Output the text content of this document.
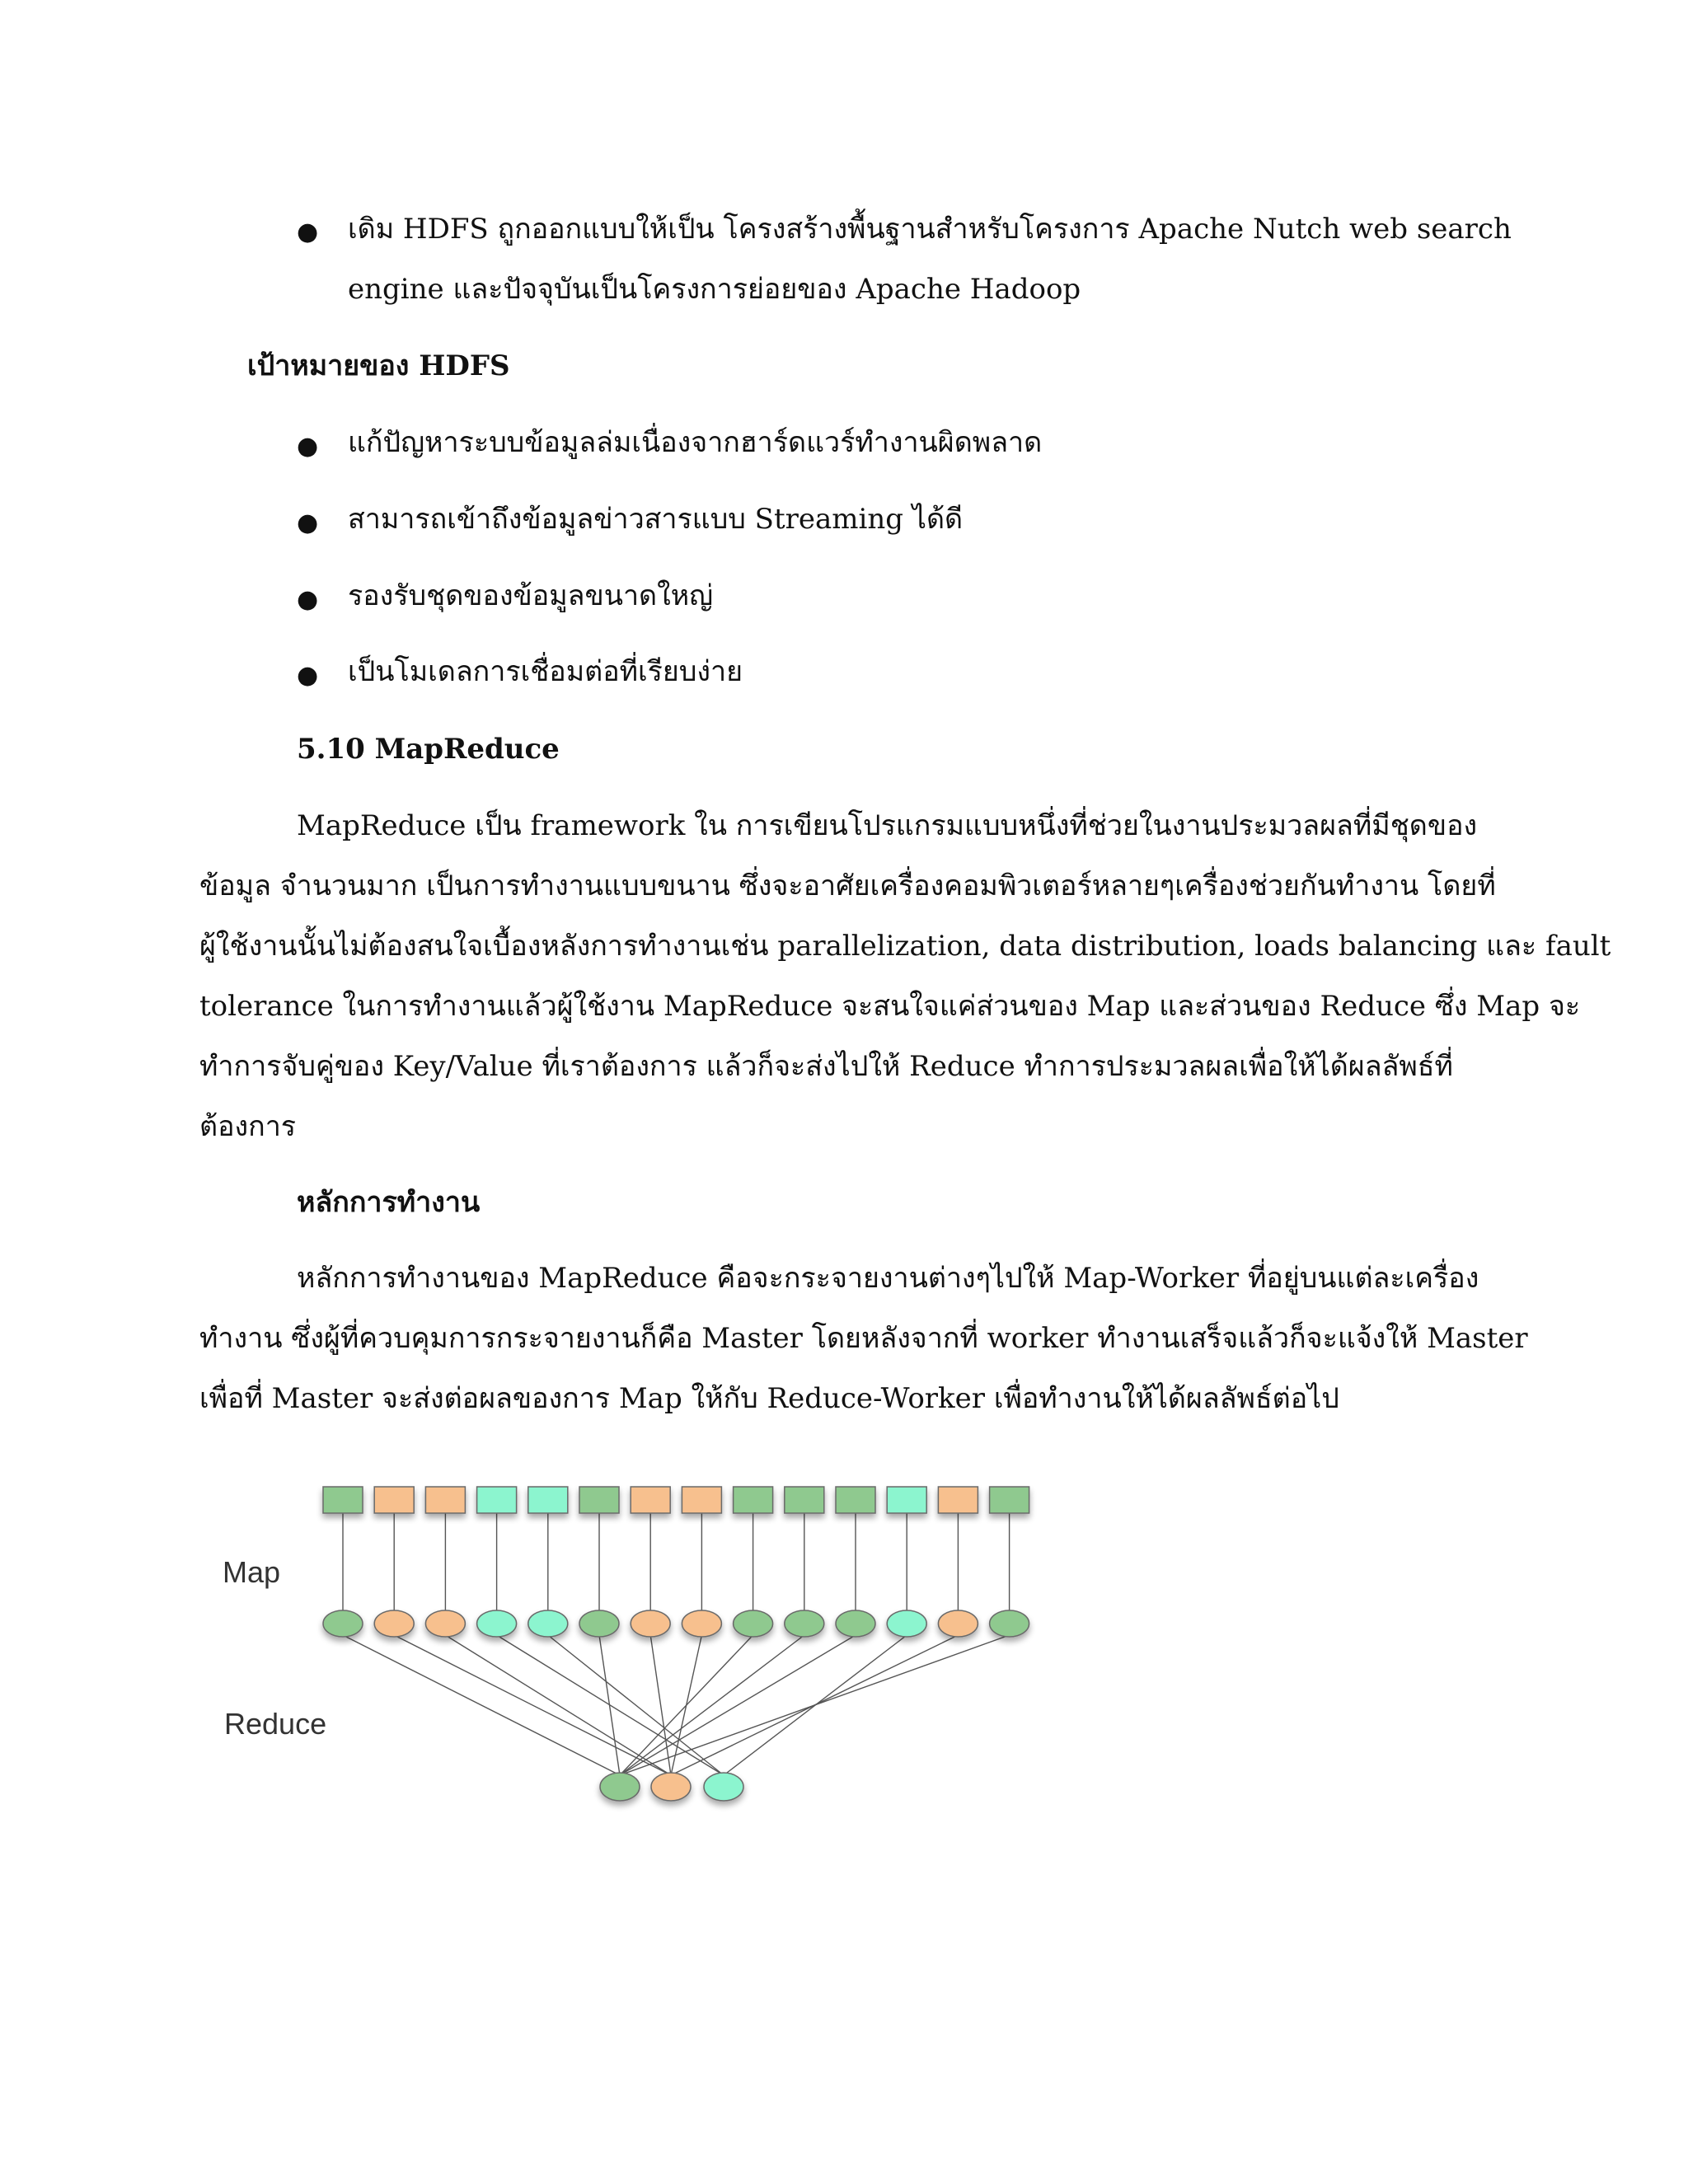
● เดิม HDFS ถูกออกแบบให้เป็น โครงสร้างพื้นฐานสำหรับโครงการ Apache Nutch web search
engine และปัจจุบันเป็นโครงการย่อยของ Apache Hadoop
เป้าหมายของ HDFS
● แก้ปัญหาระบบข้อมูลล่มเนื่องจากฮาร์ดแวร์ทำงานผิดพลาด
● สามารถเข้าถึงข้อมูลข่าวสารแบบ Streaming ได้ดี
● รองรับชุดของข้อมูลขนาดใหญ่
● เป็นโมเดลการเชื่อมต่อที่เรียบง่าย
5.10 MapReduce
MapReduce เป็น framework ใน การเขียนโปรแกรมแบบหนึ่งที่ช่วยในงานประมวลผลที่มีชุดของ
ข้อมูล จำนวนมาก เป็นการทำงานแบบขนาน ซึ่งจะอาศัยเครื่องคอมพิวเตอร์หลายๆเครื่องช่วยกันทำงาน โดยที่
ผู้ใช้งานนั้นไม่ต้องสนใจเบื้องหลังการทำงานเช่น parallelization, data distribution, loads balancing และ fault
tolerance ในการทำงานแล้วผู้ใช้งาน MapReduce จะสนใจแค่ส่วนของ Map และส่วนของ Reduce ซึ่ง Map จะ
ทำการจับคู่ของ Key/Value ที่เราต้องการ แล้วก็จะส่งไปให้ Reduce ทำการประมวลผลเพื่อให้ได้ผลลัพธ์ที่
ต้องการ
หลักการทำงาน
หลักการทำงานของ MapReduce คือจะกระจายงานต่างๆไปให้ Map-Worker ที่อยู่บนแต่ละเครื่อง
ทำงาน ซึ่งผู้ที่ควบคุมการกระจายงานก็คือ Master โดยหลังจากที่ worker ทำงานเสร็จแล้วก็จะแจ้งให้ Master
เพื่อที่ Master จะส่งต่อผลของการ Map ให้กับ Reduce-Worker เพื่อทำงานให้ได้ผลลัพธ์ต่อไป
Map
Reduce
